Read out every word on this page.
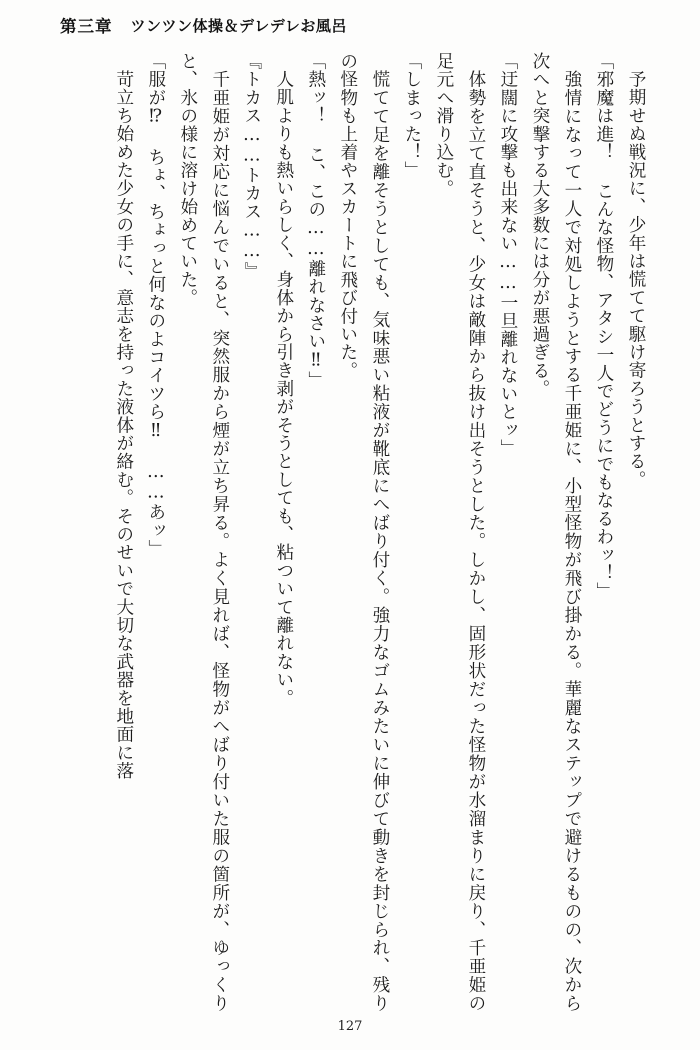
第三章 ツンツン体操＆デレデレお風呂

予期せぬ戦況に、少年は慌てて駆け寄ろうとする。

「邪魔は進！ こんな怪物、アタシ一人でどうにでもなるわッ！」

強情になって一人で対処しようとする千亜姫に、小型怪物が飛び掛かる。華麗なステップで避けるものの、次から次へと突撃する大多数には分が悪過ぎる。

「迂闊に攻撃も出来ない……一旦離れないとッ」

体勢を立て直そうと、少女は敵陣から抜け出そうとした。しかし、固形状だった怪物が水溜まりに戻り、千亜姫の足元へ滑り込む。

「しまった！」

慌てて足を離そうとしても、気味悪い粘液が靴底にへばり付く。強力なゴムみたいに伸びて動きを封じられ、残りの怪物も上着やスカートに飛び付いた。

「熱ッ！ こ、この……離れなさい‼」

人肌よりも熱いらしく、身体から引き剥がそうとしても、粘ついて離れない。

『トカス……トカス……』

千亜姫が対応に悩んでいると、突然服から煙が立ち昇る。よく見れば、怪物がへばり付いた服の箇所が、ゆっくりと、氷の様に溶け始めていた。

「服が⁉ ちょ、ちょっと何なのよコイツら‼ ……あッ」

苛立ち始めた少女の手に、意志を持った液体が絡む。そのせいで大切な武器を地面に落

127
